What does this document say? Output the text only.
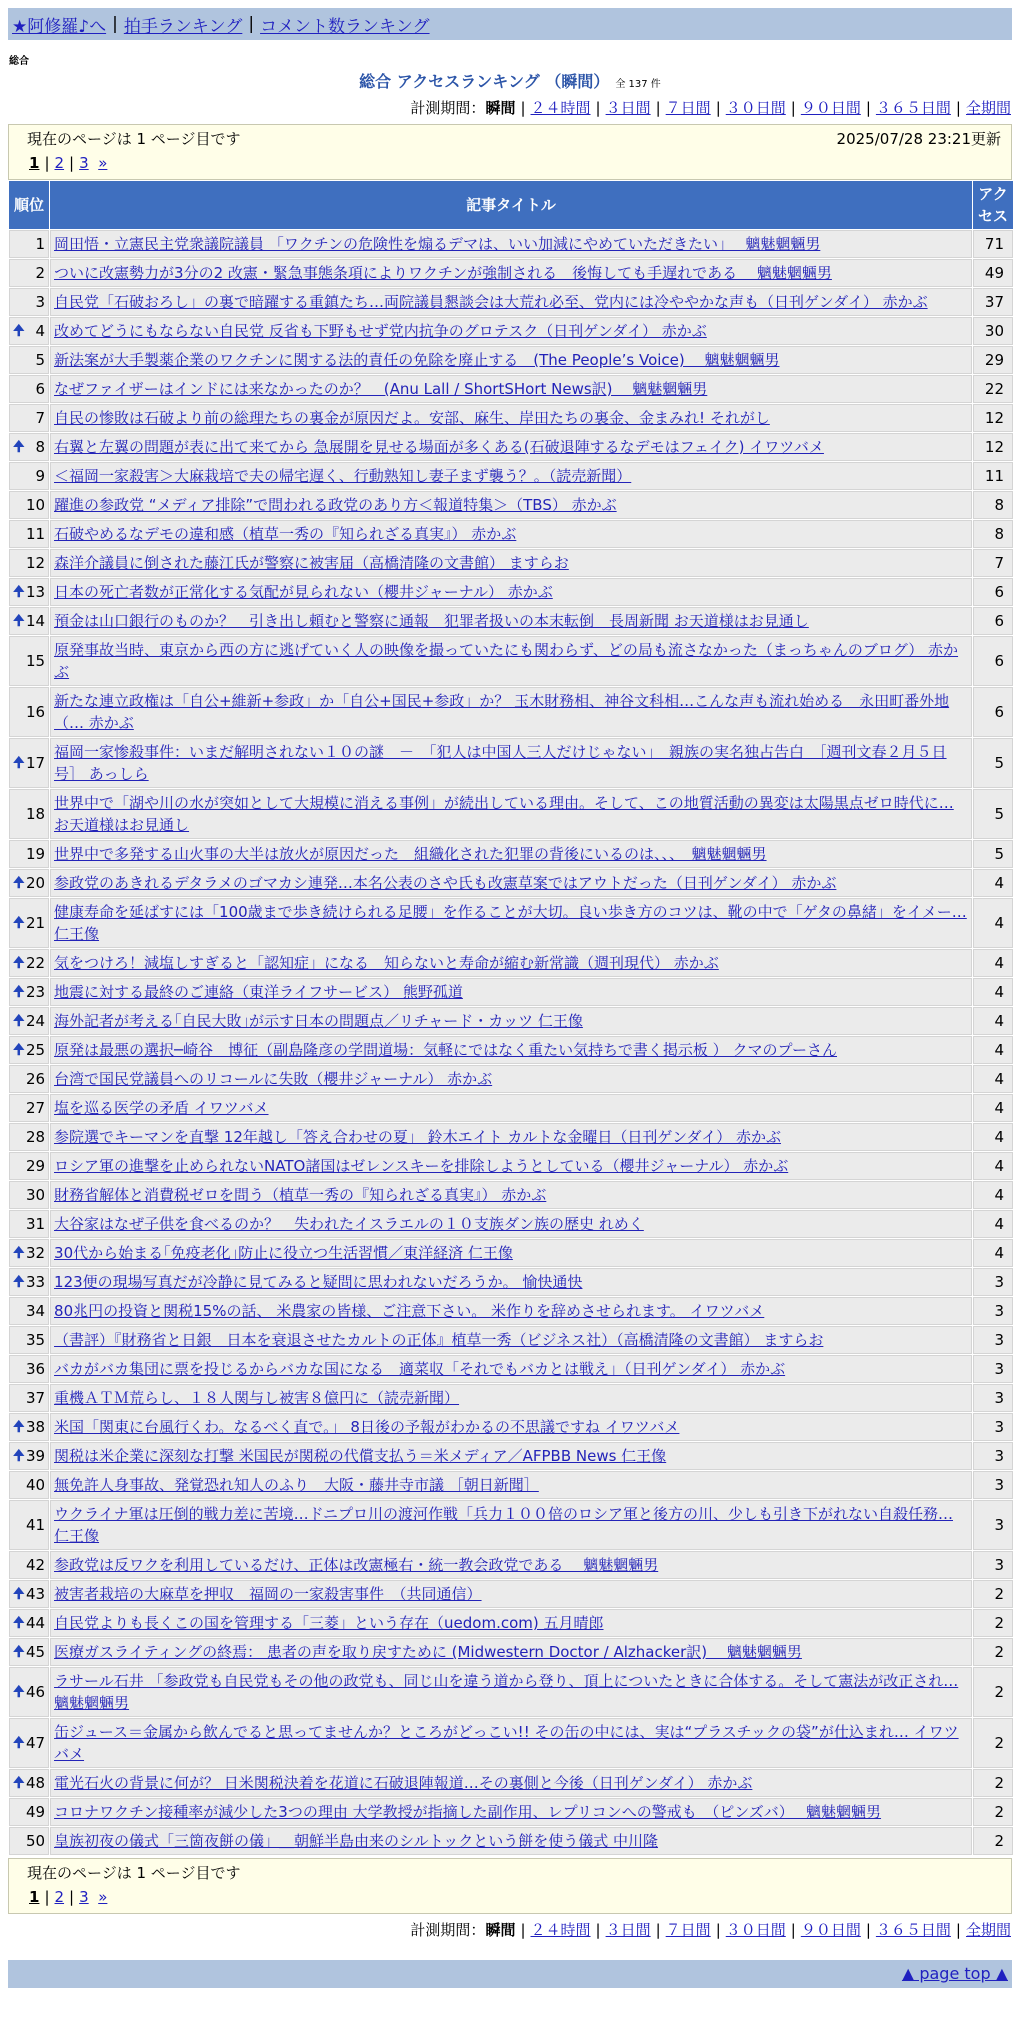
★阿修羅♪へ | 拍手ランキング | コメント数ランキング
総合
総合 アクセスランキング （瞬間） 全 137 件
計測期間：瞬間 | ２４時間 | ３日間 | ７日間 | ３０日間 | ９０日間 | ３６５日間 | 全期間
現在のページは 1 ページ目です	2025/07/28 23:21更新
1 | 2 | 3 »
順位	記事タイトル	アクセス
1	岡田悟・立憲民主党衆議院議員 「ワクチンの危険性を煽るデマは、いい加減にやめていただきたい」　 魑魅魍魎男	71
2	ついに改憲勢力が3分の2 改憲・緊急事態条項によりワクチンが強制される　後悔しても手遅れである　 魑魅魍魎男	49
3	自民党「石破おろし」の裏で暗躍する重鎮たち…両院議員懇談会は大荒れ必至、党内には冷ややかな声も（日刊ゲンダイ） 赤かぶ	37

🠉 4	改めてどうにもならない自民党 反省も下野もせず党内抗争のグロテスク（日刊ゲンダイ） 赤かぶ	30
5	新法案が大手製薬企業のワクチンに関する法的責任の免除を廃止する　(The People’s Voice)　 魑魅魍魎男	29
6	なぜファイザーはインドには来なかったのか？　(Anu Lall / ShortSHort News訳)　 魑魅魍魎男	22
7	自民の惨敗は石破より前の総理たちの裏金が原因だよ。安部、麻生、岸田たちの裏金、金まみれ! それがし	12

🠉 8	右翼と左翼の問題が表に出て来てから 急展開を見せる場面が多くある(石破退陣するなデモはフェイク) イワツバメ	12
9	＜福岡一家殺害＞大麻栽培で夫の帰宅遅く、行動熟知し妻子まず襲う？。（読売新聞）	11
10	躍進の参政党 “メディア排除”で問われる政党のあり方＜報道特集＞（TBS） 赤かぶ	8
11	石破やめるなデモの違和感（植草一秀の『知られざる真実』） 赤かぶ	8
12	森洋介議員に倒された藤江氏が警察に被害届（高橋清隆の文書館） ますらお	7

🠉 13	日本の死亡者数が正常化する気配が見られない（櫻井ジャーナル） 赤かぶ	6

🠉 14	預金は山口銀行のものか？　引き出し頼むと警察に通報　犯罪者扱いの本末転倒　長周新聞 お天道様はお見通し	6
15	原発事故当時、東京から西の方に逃げていく人の映像を撮っていたにも関わらず、どの局も流さなかった（まっちゃんのブログ） 赤かぶ	6
16	新たな連立政権は「自公+維新+参政」か「自公+国民+参政」か？ 玉木財務相、神谷文科相…こんな声も流れ始める　永田町番外地（… 赤かぶ	6

🠉 17	福岡一家惨殺事件：いまだ解明されない１０の謎　－　「犯人は中国人三人だけじゃない」　親族の実名独占告白　［週刊文春２月５日号］ あっしら	5
18	世界中で「湖や川の水が突如として大規模に消える事例」が続出している理由。そして、この地質活動の異変は太陽黒点ゼロ時代に… お天道様はお見通し	5
19	世界中で多発する山火事の大半は放火が原因だった　組織化された犯罪の背後にいるのは、、、　魑魅魍魎男	5

🠉 20	参政党のあきれるデタラメのゴマカシ連発…本名公表のさや氏も改憲草案ではアウトだった（日刊ゲンダイ） 赤かぶ	4

🠉 21	健康寿命を延ばすには「100歳まで歩き続けられる足腰」を作ることが大切。良い歩き方のコツは、靴の中で「ゲタの鼻緒」をイメー… 仁王像	4

🠉 22	気をつけろ！減塩しすぎると「認知症」になる　知らないと寿命が縮む新常識（週刊現代） 赤かぶ	4

🠉 23	地震に対する最終のご連絡（東洋ライフサービス） 熊野孤道	4

🠉 24	海外記者が考える｢自民大敗｣が示す日本の問題点／リチャード・カッツ 仁王像	4

🠉 25	原発は最悪の選択─崎谷　博征（副島隆彦の学問道場：気軽にではなく重たい気持ちで書く掲示板 ） クマのプーさん	4
26	台湾で国民党議員へのリコールに失敗（櫻井ジャーナル） 赤かぶ	4
27	塩を巡る医学の矛盾 イワツバメ	4
28	参院選でキーマンを直撃 12年越し「答え合わせの夏」 鈴木エイト カルトな金曜日（日刊ゲンダイ） 赤かぶ	4
29	ロシア軍の進撃を止められないNATO諸国はゼレンスキーを排除しようとしている（櫻井ジャーナル） 赤かぶ	4
30	財務省解体と消費税ゼロを問う（植草一秀の『知られざる真実』） 赤かぶ	4
31	大谷家はなぜ子供を食べるのか？　失われたイスラエルの１０支族ダン族の歴史 れめく	4

🠉 32	30代から始まる｢免疫老化｣防止に役立つ生活習慣／東洋経済 仁王像	4

🠉 33	123便の現場写真だが冷静に見てみると疑問に思われないだろうか。 愉快通快	3
34	80兆円の投資と関税15%の話、 米農家の皆様、ご注意下さい。 米作りを辞めさせられます。 イワツバメ	3
35	（書評）『財務省と日銀　日本を衰退させたカルトの正体』植草一秀（ビジネス社）（高橋清隆の文書館） ますらお	3
36	バカがバカ集団に票を投じるからバカな国になる　適菜収「それでもバカとは戦え」（日刊ゲンダイ） 赤かぶ	3
37	重機ＡＴＭ荒らし、１８人関与し被害８億円に（読売新聞）	3

🠉 38	米国「関東に台風行くわ。なるべく直で。」 8日後の予報がわかるの不思議ですね イワツバメ	3

🠉 39	関税は米企業に深刻な打撃 米国民が関税の代償支払う＝米メディア／AFPBB News 仁王像	3
40	無免許人身事故、発覚恐れ知人のふり　大阪・藤井寺市議 ［朝日新聞］	3
41	ウクライナ軍は圧倒的戦力差に苦境…ドニプロ川の渡河作戦「兵力１００倍のロシア軍と後方の川、少しも引き下がれない自殺任務… 仁王像	3
42	参政党は反ワクを利用しているだけ、正体は改憲極右・統一教会政党である　 魑魅魍魎男	3

🠉 43	被害者栽培の大麻草を押収　福岡の一家殺害事件　（共同通信）	2

🠉 44	自民党よりも長くこの国を管理する「三菱」という存在（uedom.com) 五月晴郎	2

🠉 45	医療ガスライティングの終焉： 患者の声を取り戻すために (Midwestern Doctor / Alzhacker訳)　 魑魅魍魎男	2

🠉 46	ラサール石井 「参政党も自民党もその他の政党も、同じ山を違う道から登り、頂上についたときに合体する。そして憲法が改正され… 魑魅魍魎男	2

🠉 47	缶ジュース＝金属から飲んでると思ってませんか？ところがどっこい!! その缶の中には、実は“プラスチックの袋”が仕込まれ… イワツバメ	2

🠉 48	電光石火の背景に何が？ 日米関税決着を花道に石破退陣報道…その裏側と今後（日刊ゲンダイ） 赤かぶ	2
49	コロナワクチン接種率が減少した3つの理由 大学教授が指摘した副作用、レプリコンへの警戒も　（ピンズバ）　 魑魅魍魎男	2
50	皇族初夜の儀式「三箇夜餅の儀」＿朝鮮半島由来のシルトックという餅を使う儀式 中川隆	2
現在のページは 1 ページ目です
1 | 2 | 3 »
計測期間：瞬間 | ２４時間 | ３日間 | ７日間 | ３０日間 | ９０日間 | ３６５日間 | 全期間
▲ page top ▲
